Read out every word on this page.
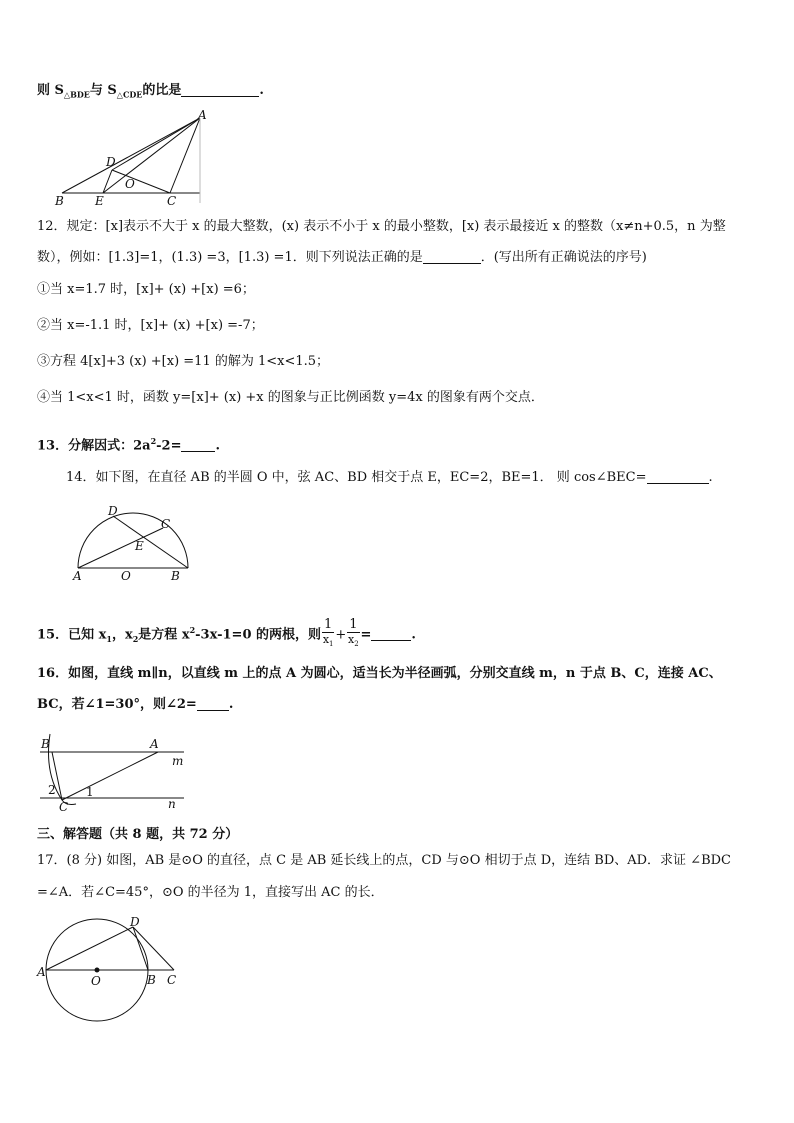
则 $S_{\triangle BDE}$与 $S_{\triangle CDE}$的比是	.
A
D
O
B	E	C
12．规定：[x]表示不大于 x 的最大整数，(x) 表示不小于 x 的最小整数，[x) 表示最接近 x 的整数（x≠n+0.5，n 为整
数），例如：[1.3]=1，(1.3) =3，[1.3) =1．则下列说法正确的是	．(写出所有正确说法的序号)
①当 x=1.7 时，[x]+ (x) +[x) =6；
②当 x=-1.1 时，[x]+ (x) +[x) =-7；
③方程 4[x]+3 (x) +[x) =11 的解为 1<x<1.5；
④当 1<x<1 时，函数 y=[x]+ (x) +x 的图象与正比例函数 y=4x 的图象有两个交点．
13．分解因式：$2a^2-2=$	.
14．如下图，在直径 AB 的半圆 O 中，弦 AC、BD 相交于点 E，EC=2，BE=1． 则 cos∠BEC=	.
D
C
E
A	O	B
15．已知 $x_1$，$x_2$是方程 $x^2-3x-1=0$ 的两根，则 $\frac{1}{x_1} + \frac{1}{x_2}$ =	.
16．如图，直线 m∥n，以直线 m 上的点 A 为圆心，适当长为半径画弧，分别交直线 m，n 于点 B、C，连接 AC、
BC，若∠1=30°，则∠2= .
B	A
m
2	1
C	n
三、解答题（共 8 题，共 72 分）
17．(8 分) 如图，AB 是⊙O 的直径，点 C 是 AB 延长线上的点，CD 与⊙O 相切于点 D，连结 BD、AD．求证 ∠BDC
=∠A．若∠C=45°，⊙O 的半径为 1，直接写出 AC 的长．
D
A
O	B C
